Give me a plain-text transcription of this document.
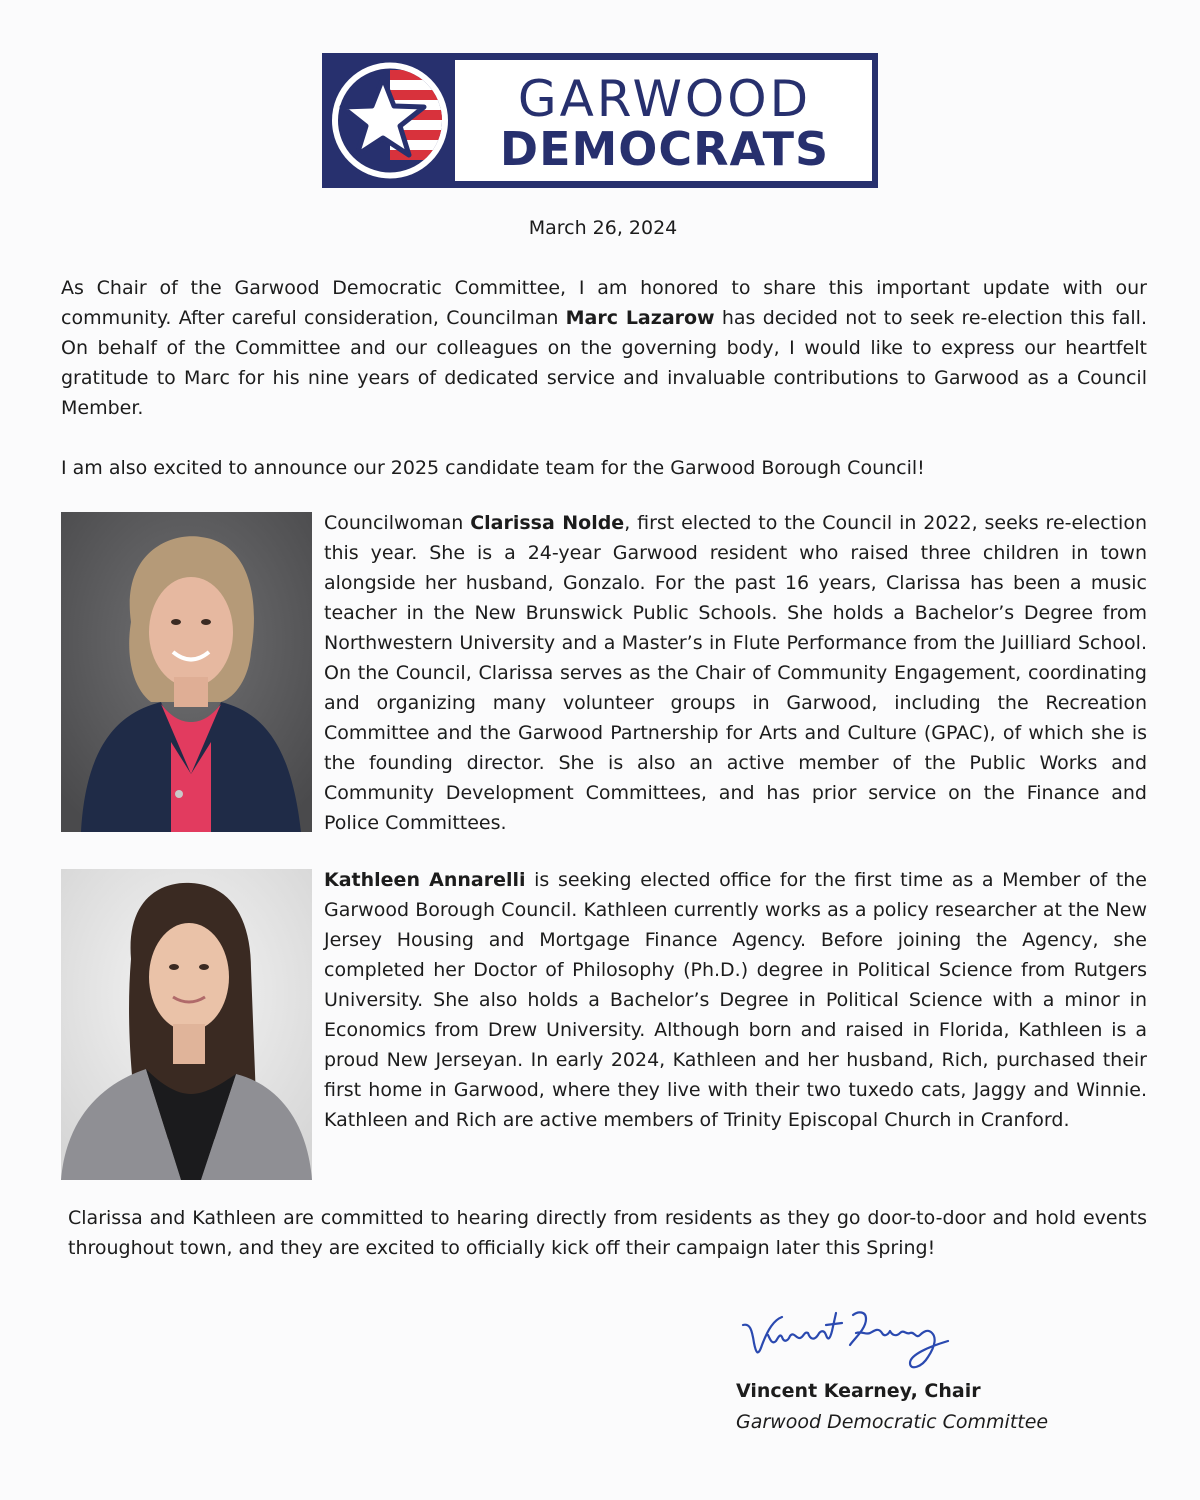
GARWOOD
DEMOCRATS
March 26, 2024

As Chair of the Garwood Democratic Committee, I am honored to share this important update with our community. After careful consideration, Councilman Marc Lazarow has decided not to seek re-election this fall. On behalf of the Committee and our colleagues on the governing body, I would like to express our heartfelt gratitude to Marc for his nine years of dedicated service and invaluable contributions to Garwood as a Council Member.

I am also excited to announce our 2025 candidate team for the Garwood Borough Council!

Councilwoman Clarissa Nolde, first elected to the Council in 2022, seeks re-election this year. She is a 24-year Garwood resident who raised three children in town alongside her husband, Gonzalo. For the past 16 years, Clarissa has been a music teacher in the New Brunswick Public Schools. She holds a Bachelor’s Degree from Northwestern University and a Master’s in Flute Performance from the Juilliard School. On the Council, Clarissa serves as the Chair of Community Engagement, coordinating and organizing many volunteer groups in Garwood, including the Recreation Committee and the Garwood Partnership for Arts and Culture (GPAC), of which she is the founding director. She is also an active member of the Public Works and Community Development Committees, and has prior service on the Finance and Police Committees.

Kathleen Annarelli is seeking elected office for the first time as a Member of the Garwood Borough Council. Kathleen currently works as a policy researcher at the New Jersey Housing and Mortgage Finance Agency. Before joining the Agency, she completed her Doctor of Philosophy (Ph.D.) degree in Political Science from Rutgers University. She also holds a Bachelor’s Degree in Political Science with a minor in Economics from Drew University. Although born and raised in Florida, Kathleen is a proud New Jerseyan. In early 2024, Kathleen and her husband, Rich, purchased their first home in Garwood, where they live with their two tuxedo cats, Jaggy and Winnie. Kathleen and Rich are active members of Trinity Episcopal Church in Cranford.

Clarissa and Kathleen are committed to hearing directly from residents as they go door-to-door and hold events throughout town, and they are excited to officially kick off their campaign later this Spring!

Vincent Kearney, Chair
Garwood Democratic Committee
